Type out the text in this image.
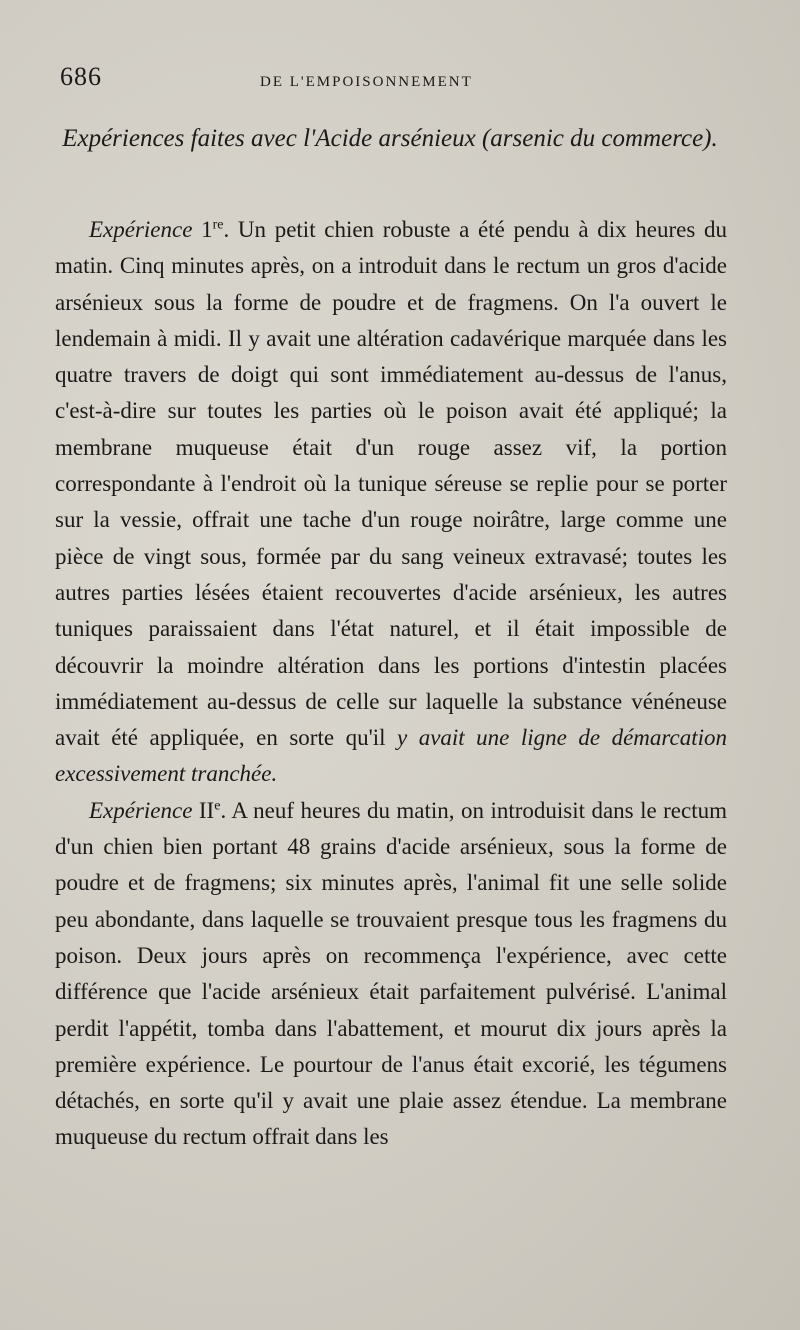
686	DE L'EMPOISONNEMENT
Expériences faites avec l'Acide arsénieux (arsenic du commerce).

Expérience 1re. Un petit chien robuste a été pendu à dix heures du matin. Cinq minutes après, on a introduit dans le rectum un gros d'acide arsénieux sous la forme de poudre et de fragmens. On l'a ouvert le lendemain à midi. Il y avait une altération cadavérique marquée dans les quatre travers de doigt qui sont immédiatement au-dessus de l'anus, c'est-à-dire sur toutes les parties où le poison avait été appliqué; la membrane muqueuse était d'un rouge assez vif, la portion correspondante à l'endroit où la tunique séreuse se replie pour se porter sur la vessie, offrait une tache d'un rouge noirâtre, large comme une pièce de vingt sous, formée par du sang veineux extravasé; toutes les autres parties lésées étaient recouvertes d'acide arsénieux, les autres tuniques paraissaient dans l'état naturel, et il était impossible de découvrir la moindre altération dans les portions d'intestin placées immédiatement au-dessus de celle sur laquelle la substance vénéneuse avait été appliquée, en sorte qu'il y avait une ligne de démarcation excessivement tranchée.

Expérience IIe. A neuf heures du matin, on introduisit dans le rectum d'un chien bien portant 48 grains d'acide arsénieux, sous la forme de poudre et de fragmens; six minutes après, l'animal fit une selle solide peu abondante, dans laquelle se trouvaient presque tous les fragmens du poison. Deux jours après on recommença l'expérience, avec cette différence que l'acide arsénieux était parfaitement pulvérisé. L'animal perdit l'appétit, tomba dans l'abattement, et mourut dix jours après la première expérience. Le pourtour de l'anus était excorié, les tégumens détachés, en sorte qu'il y avait une plaie assez étendue. La membrane muqueuse du rectum offrait dans les
